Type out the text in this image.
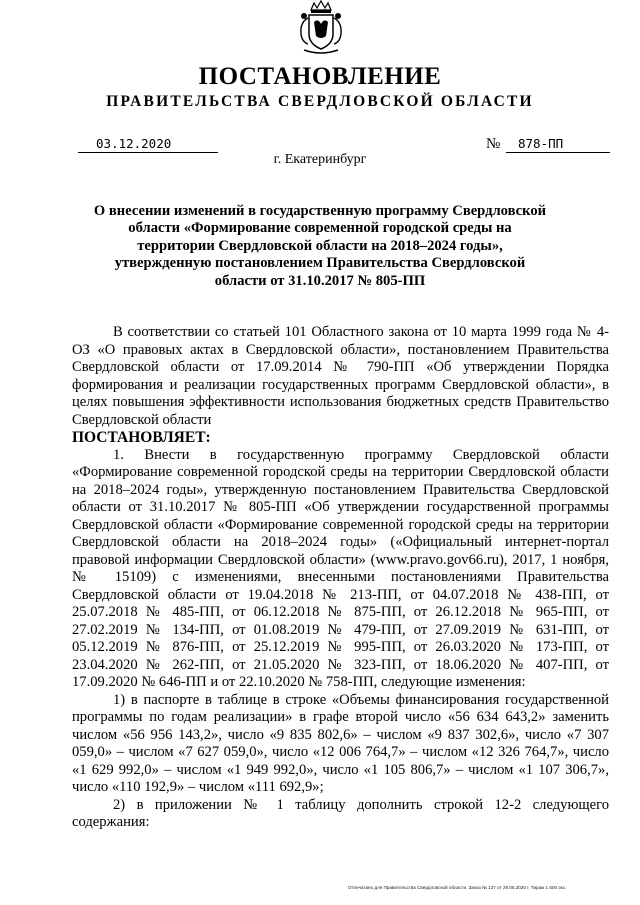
ПОСТАНОВЛЕНИЕ
ПРАВИТЕЛЬСТВА СВЕРДЛОВСКОЙ ОБЛАСТИ
03.12.2020	№	878-ПП
г. Екатеринбург
О внесении изменений в государственную программу Свердловской области «Формирование современной городской среды на территории Свердловской области на 2018–2024 годы», утвержденную постановлением Правительства Свердловской области от 31.10.2017 № 805-ПП

В соответствии со статьей 101 Областного закона от 10 марта 1999 года № 4-ОЗ «О правовых актах в Свердловской области», постановлением Правительства Свердловской области от 17.09.2014 № 790-ПП «Об утверждении Порядка формирования и реализации государственных программ Свердловской области», в целях повышения эффективности использования бюджетных средств Правительство Свердловской области

ПОСТАНОВЛЯЕТ:

1. Внести в государственную программу Свердловской области «Формирование современной городской среды на территории Свердловской области на 2018–2024 годы», утвержденную постановлением Правительства Свердловской области от 31.10.2017 № 805-ПП «Об утверждении государственной программы Свердловской области «Формирование современной городской среды на территории Свердловской области на 2018–2024 годы» («Официальный интернет-портал правовой информации Свердловской области» (www.pravo.gov66.ru), 2017, 1 ноября, № 15109) с изменениями, внесенными постановлениями Правительства Свердловской области от 19.04.2018 № 213-ПП, от 04.07.2018 № 438-ПП, от 25.07.2018 № 485-ПП, от 06.12.2018 № 875-ПП, от 26.12.2018 № 965-ПП, от 27.02.2019 № 134-ПП, от 01.08.2019 № 479-ПП, от 27.09.2019 № 631-ПП, от 05.12.2019 № 876-ПП, от 25.12.2019 № 995-ПП, от 26.03.2020 № 173-ПП, от 23.04.2020 № 262-ПП, от 21.05.2020 № 323-ПП, от 18.06.2020 № 407-ПП, от 17.09.2020 № 646-ПП и от 22.10.2020 № 758-ПП, следующие изменения:

1) в паспорте в таблице в строке «Объемы финансирования государственной программы по годам реализации» в графе второй число «56 634 643,2» заменить числом «56 956 143,2», число «9 835 802,6» – числом «9 837 302,6», число «7 307 059,0» – числом «7 627 059,0», число «12 006 764,7» – числом «12 326 764,7», число «1 629 992,0» – числом «1 949 992,0», число «1 105 806,7» – числом «1 107 306,7», число «110 192,9» – числом «111 692,9»;

2) в приложении № 1 таблицу дополнить строкой 12-2 следующего содержания:

Отпечатано для Правительства Свердловской области. Заказ № 137 от 29.05.2020 г. Тираж 1 500 экз.
